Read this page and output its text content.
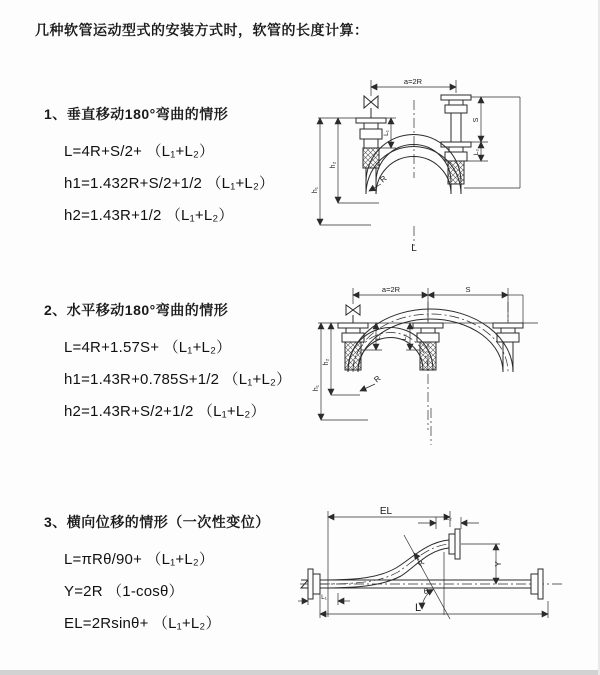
几种软管运动型式的安装方式时，软管的长度计算：
1、垂直移动180°弯曲的情形
L=4R+S/2+ （L₁+L₂）
h1=1.432R+S/2+1/2 （L₁+L₂）
h2=1.43R+1/2 （L₁+L₂）
2、水平移动180°弯曲的情形
L=4R+1.57S+ （L₁+L₂）
h1=1.43R+0.785S+1/2 （L₁+L₂）
h2=1.43R+S/2+1/2 （L₁+L₂）
3、横向位移的情形（一次性变位）
L=πRθ/90+ （L₁+L₂）
Y=2R （1-cosθ）
EL=2Rsinθ+ （L₁+L₂）
a=2R
h₂
h₁
L₁
S
L₂
R
L
a=2R	S
h₂
h₁
L₁	L₂
R
EL
L₂
Y
θ
R
L₁
L
